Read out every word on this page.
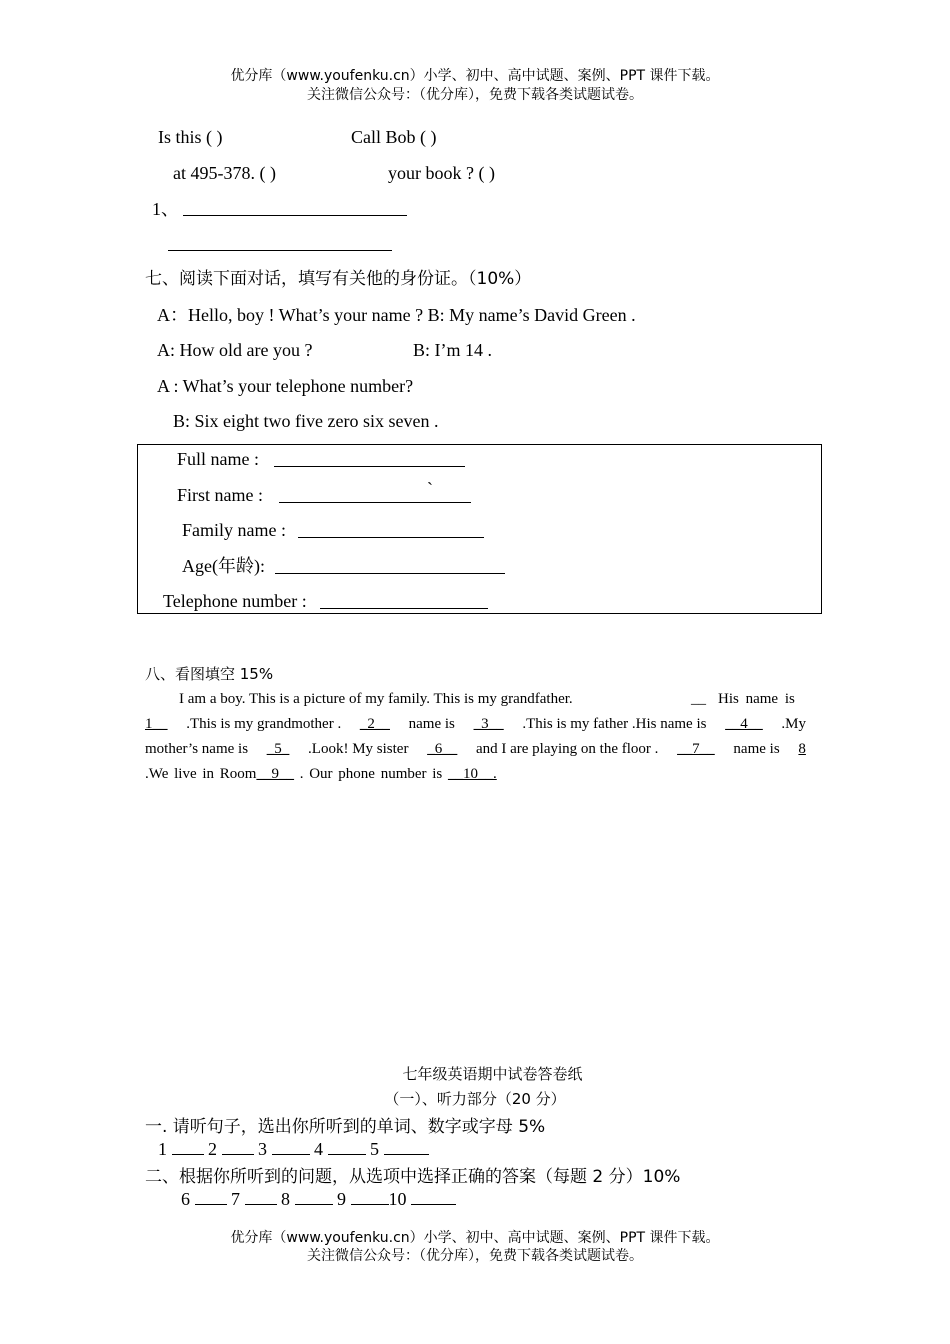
优分库（www.youfenku.cn）小学、初中、高中试题、案例、PPT 课件下载。
关注微信公众号：（优分库），免费下载各类试题试卷。
Is this ( )	Call Bob ( )
at 495-378. ( )	your book ? ( )
1、
七、阅读下面对话，填写有关他的身份证。（10%）
A：Hello, boy ! What’s your name ? B: My name’s David Green .
A: How old are you ?	B: I’m 14 .
A : What’s your telephone number?
B: Six eight two five zero six seven .
Full name :
First name :	`
Family name :
Age(年龄):
Telephone number :
八、看图填空 15%
I am a boy. This is a picture of my family. This is my grandfather.	__ His name is
1__ .This is my grandmother . _2__ name is _3__ .This is my father .His name is __4__ .My
mother’s name is _5_ .Look! My sister _6__ and I are playing on the floor . __7__ name is 8
.We live in Room__9__ . Our phone number is __10__.
七年级英语期中试卷答卷纸
（一）、听力部分（20 分）
一. 请听句子，选出你所听到的单词、数字或字母 5%
1 2 3	4	5
二、根据你所听到的问题，从选项中选择正确的答案（每题 2 分）10%
6 7 8	9 10
优分库（www.youfenku.cn）小学、初中、高中试题、案例、PPT 课件下载。
关注微信公众号：（优分库），免费下载各类试题试卷。
